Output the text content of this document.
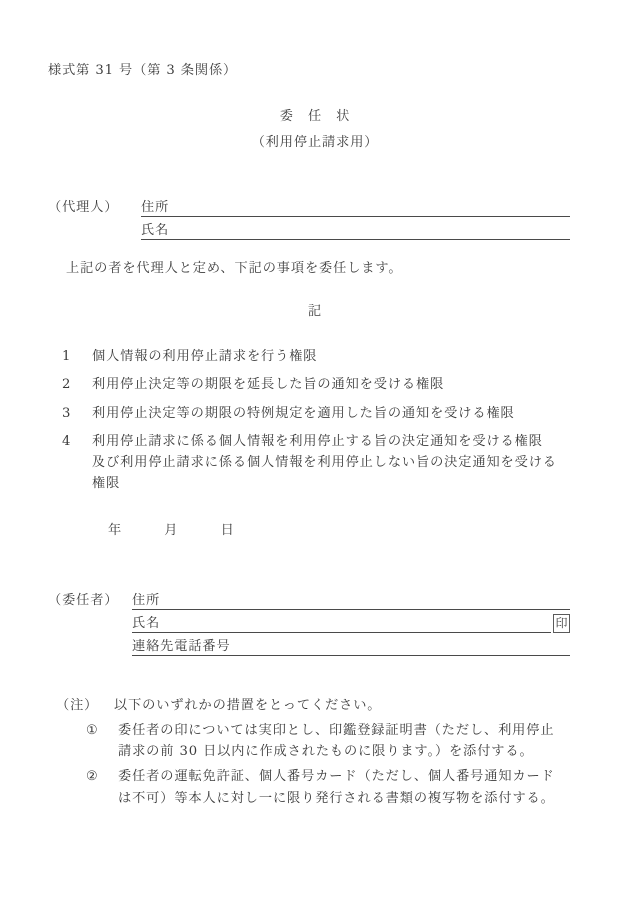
様式第 31 号（第 3 条関係）
委　任　状
（利用停止請求用）
（代理人） 住所
氏名
上記の者を代理人と定め、下記の事項を委任します。
記
1	個人情報の利用停止請求を行う権限
2	利用停止決定等の期限を延長した旨の通知を受ける権限
3	利用停止決定等の期限の特例規定を適用した旨の通知を受ける権限
4	利用停止請求に係る個人情報を利用停止する旨の決定通知を受ける権限
及び利用停止請求に係る個人情報を利用停止しない旨の決定通知を受ける
権限
年	月	日
（委任者） 住所
氏名	印
連絡先電話番号
（注）	以下のいずれかの措置をとってください。
①	委任者の印については実印とし、印鑑登録証明書（ただし、利用停止
請求の前 30 日以内に作成されたものに限ります。）を添付する。
②	委任者の運転免許証、個人番号カード（ただし、個人番号通知カード
は不可）等本人に対し一に限り発行される書類の複写物を添付する。
